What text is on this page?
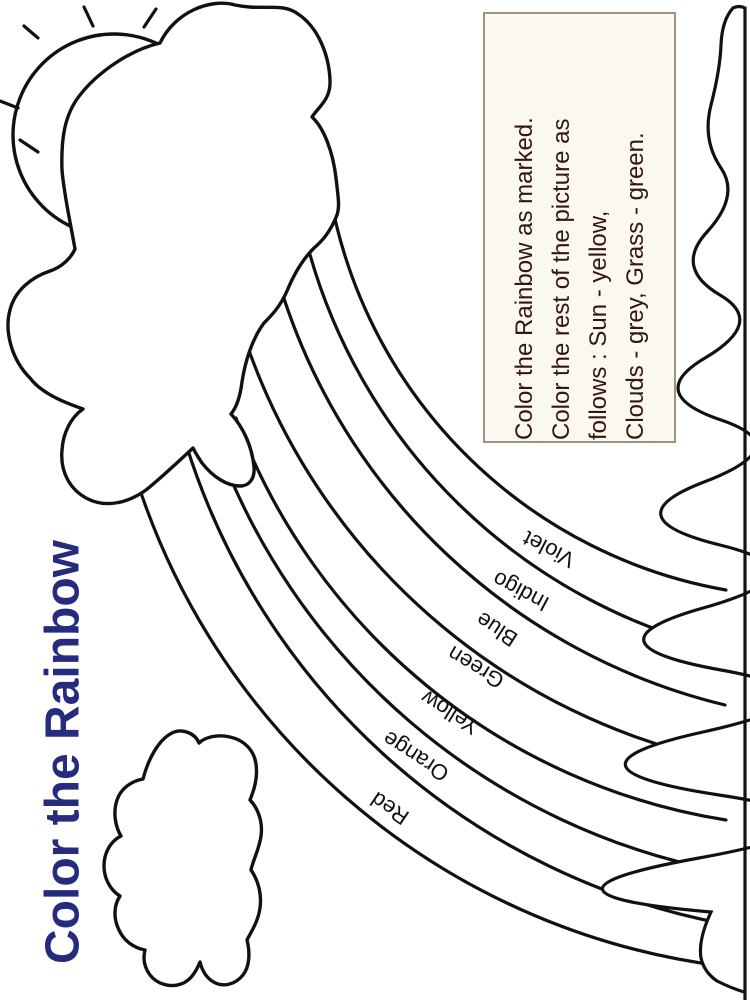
Color the Rainbow
Color the Rainbow as marked. Color the rest of the picture as follows : Sun - yellow, Clouds - grey, Grass - green.
Violet
Indigo
Blue
Green
Yellow
Orange
Red
